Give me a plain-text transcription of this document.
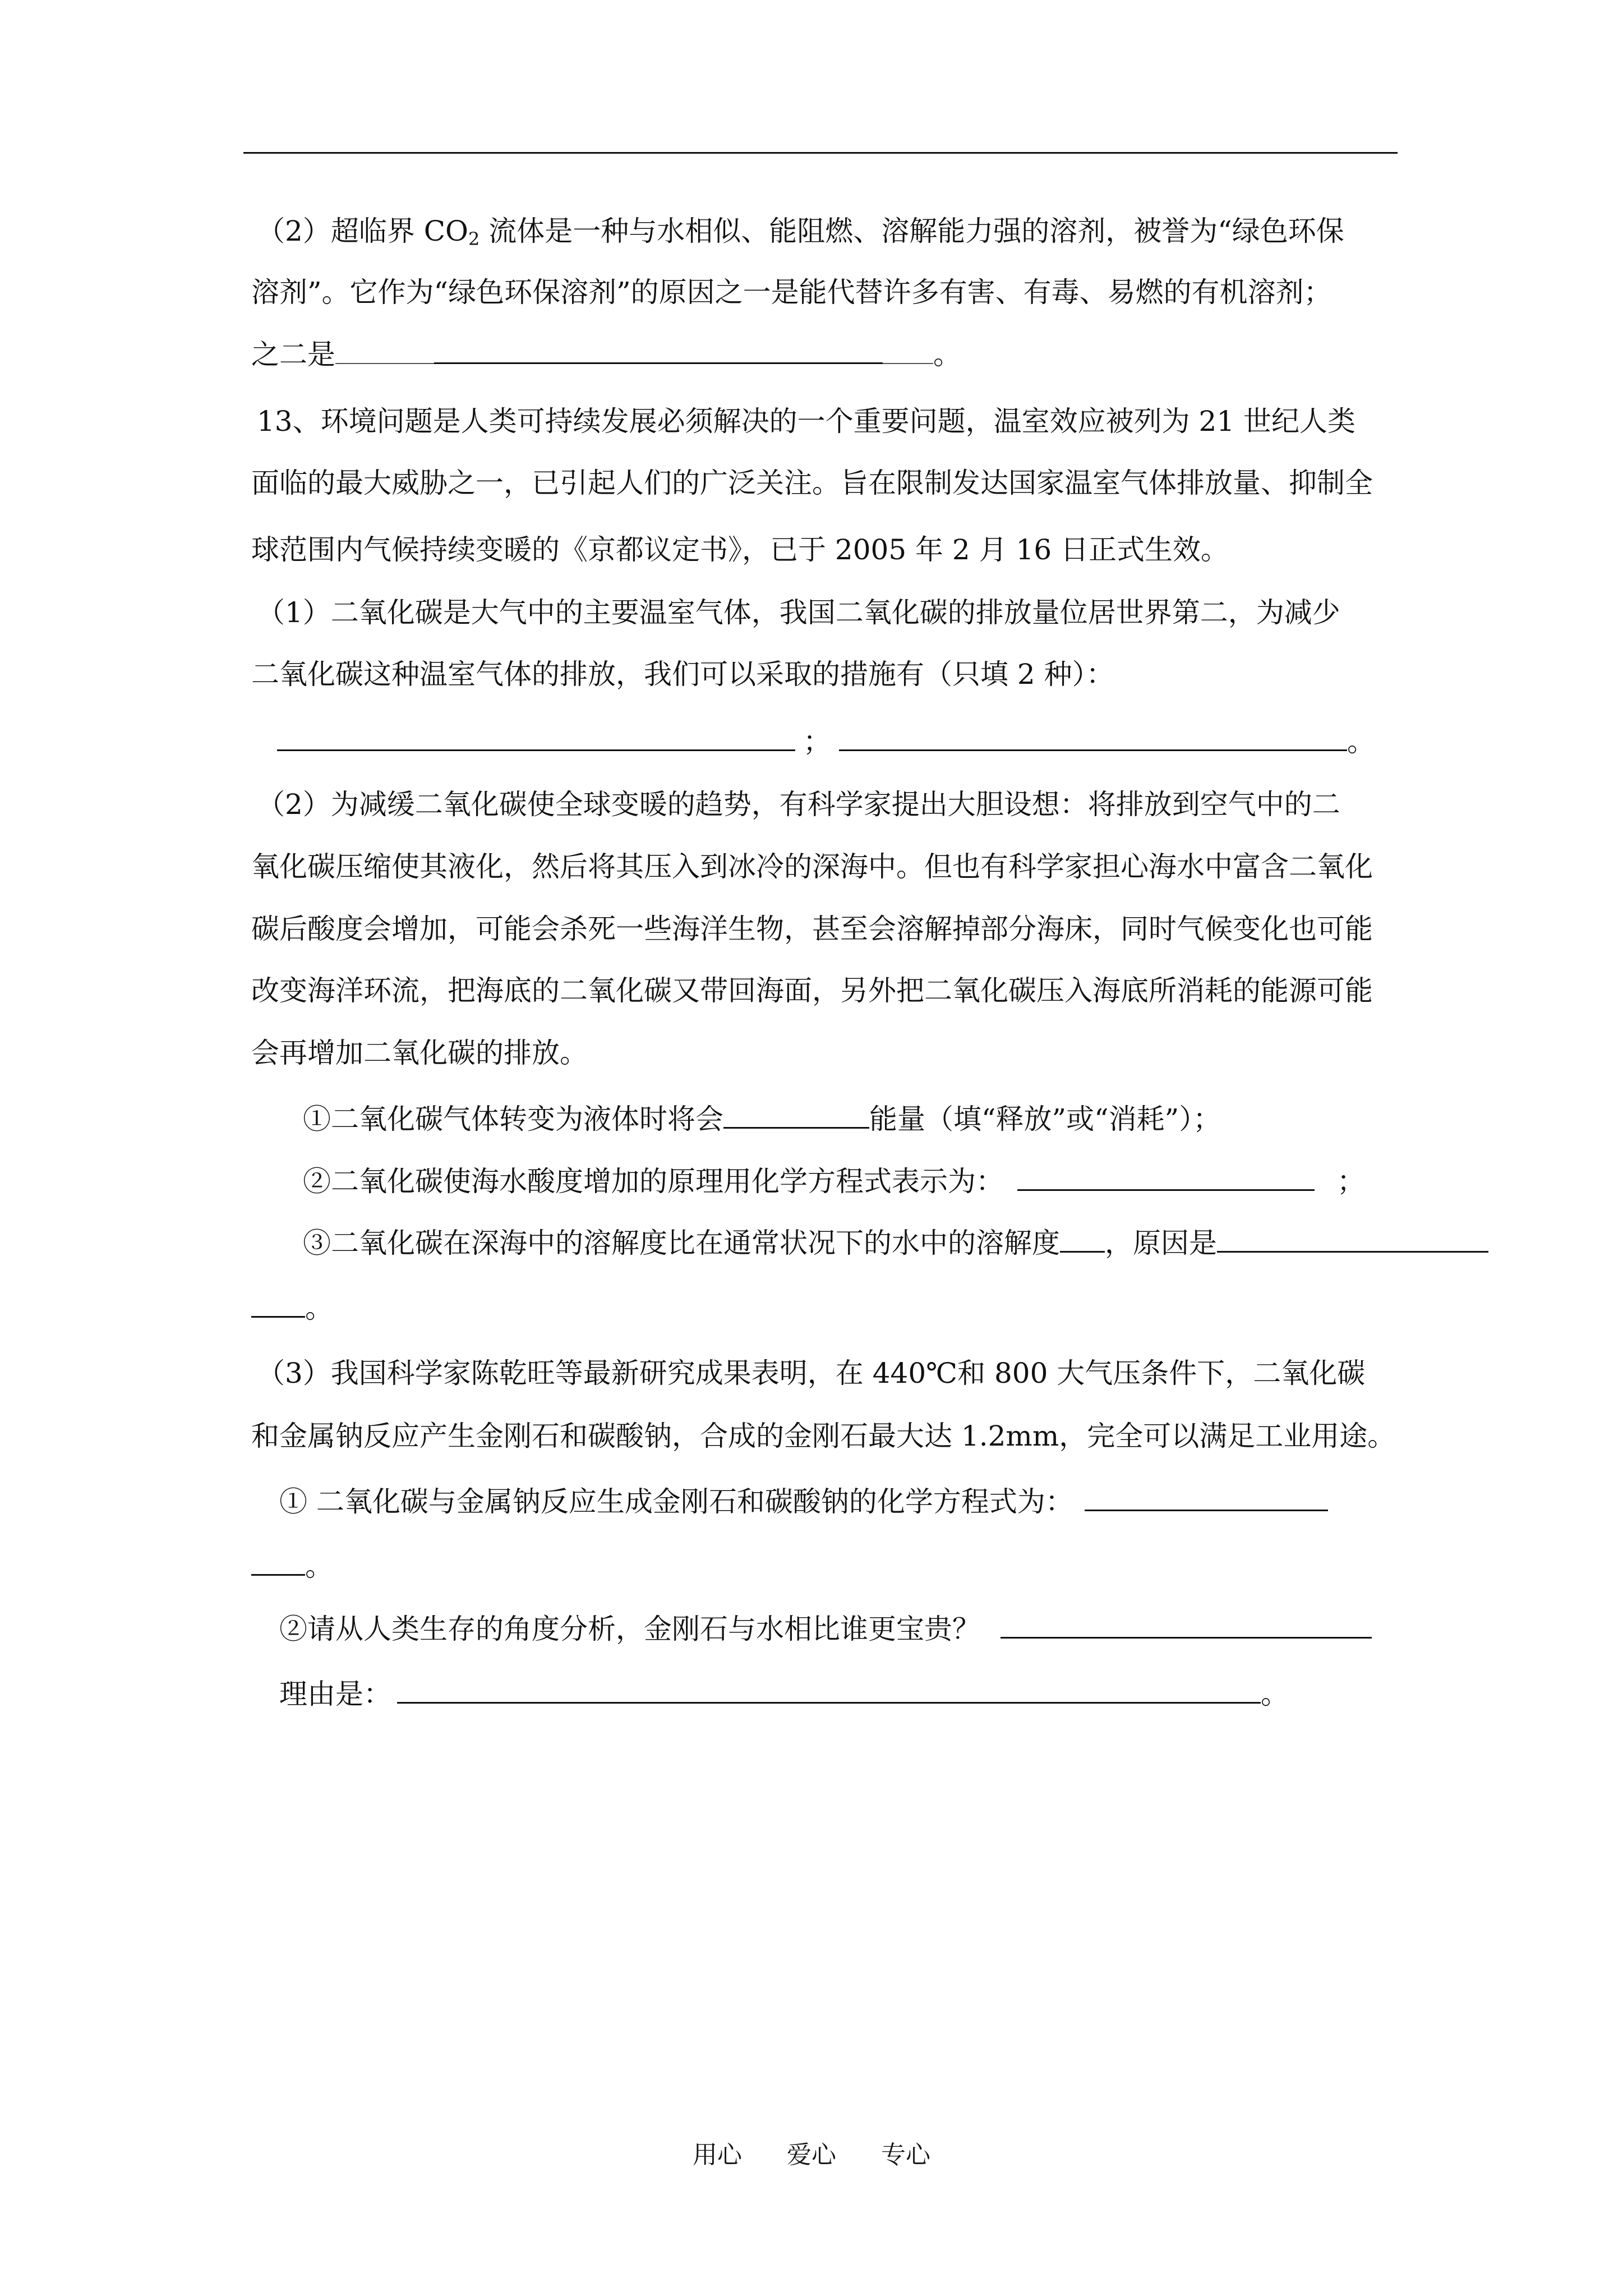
（2）超临界 $CO_2$ 流体是一种与水相似、能阻燃、溶解能力强的溶剂，被誉为“绿色环保
溶剂”。它作为“绿色环保溶剂”的原因之一是能代替许多有害、有毒、易燃的有机溶剂；
之二是	。
13、环境问题是人类可持续发展必须解决的一个重要问题，温室效应被列为 21 世纪人类
面临的最大威胁之一，已引起人们的广泛关注。旨在限制发达国家温室气体排放量、抑制全
球范围内气候持续变暖的《京都议定书》，已于 2005 年 2 月 16 日正式生效。
（1）二氧化碳是大气中的主要温室气体，我国二氧化碳的排放量位居世界第二，为减少
二氧化碳这种温室气体的排放，我们可以采取的措施有（只填 2 种）：
；	。
（2）为减缓二氧化碳使全球变暖的趋势，有科学家提出大胆设想：将排放到空气中的二
氧化碳压缩使其液化，然后将其压入到冰冷的深海中。但也有科学家担心海水中富含二氧化
碳后酸度会增加，可能会杀死一些海洋生物，甚至会溶解掉部分海床，同时气候变化也可能
改变海洋环流，把海底的二氧化碳又带回海面，另外把二氧化碳压入海底所消耗的能源可能
会再增加二氧化碳的排放。
①二氧化碳气体转变为液体时将会	能量（填“释放”或“消耗”）；
②二氧化碳使海水酸度增加的原理用化学方程式表示为：	；
③二氧化碳在深海中的溶解度比在通常状况下的水中的溶解度 ，原因是
。
（3）我国科学家陈乾旺等最新研究成果表明，在 440℃和 800 大气压条件下，二氧化碳
和金属钠反应产生金刚石和碳酸钠，合成的金刚石最大达 1.2mm，完全可以满足工业用途。
① 二氧化碳与金属钠反应生成金刚石和碳酸钠的化学方程式为：
。
②请从人类生存的角度分析，金刚石与水相比谁更宝贵？
理由是：	。
用心 爱心 专心
